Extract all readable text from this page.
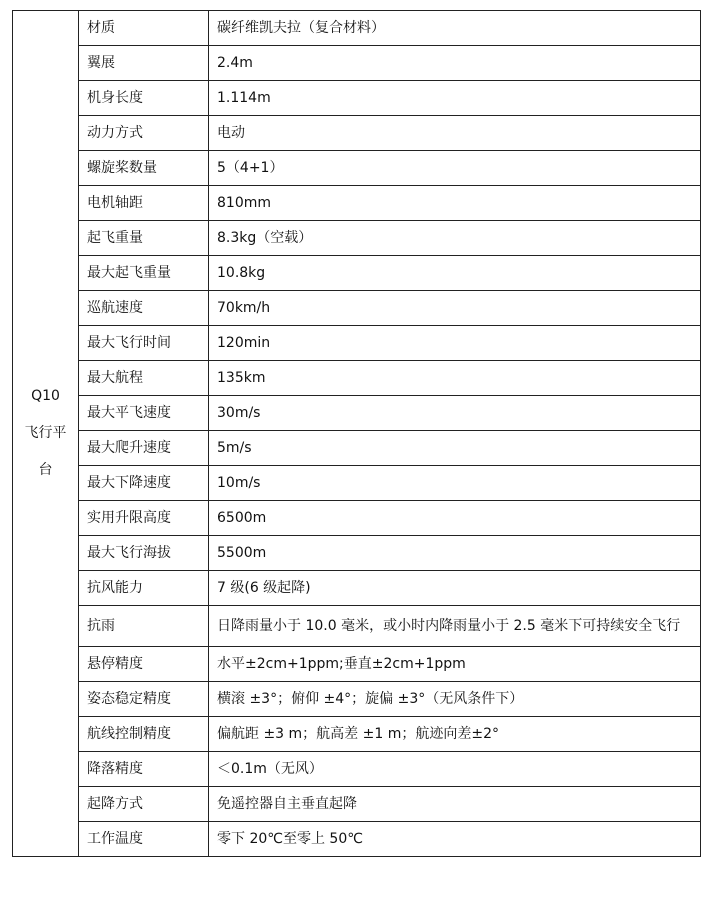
Q10
飞行平
台	材质	碳纤维凯夫拉（复合材料）
	翼展	2.4m
	机身长度	1.114m
	动力方式	电动
	螺旋桨数量	5（4+1）
	电机轴距	810mm
	起飞重量	8.3kg（空载）
	最大起飞重量	10.8kg
	巡航速度	70km/h
	最大飞行时间	120min
	最大航程	135km
	最大平飞速度	30m/s
	最大爬升速度	5m/s
	最大下降速度	10m/s
	实用升限高度	6500m
	最大飞行海拔	5500m
	抗风能力	7 级(6 级起降)
	抗雨	日降雨量小于 10.0 毫米，或小时内降雨量小于 2.5 毫米下可持续安全飞行
	悬停精度	水平±2cm+1ppm;垂直±2cm+1ppm
	姿态稳定精度	横滚 ±3°；俯仰 ±4°；旋偏 ±3°（无风条件下）
	航线控制精度	偏航距 ±3 m；航高差 ±1 m；航迹向差±2°
	降落精度	＜0.1m（无风）
	起降方式	免遥控器自主垂直起降
	工作温度	零下 20℃至零上 50℃
